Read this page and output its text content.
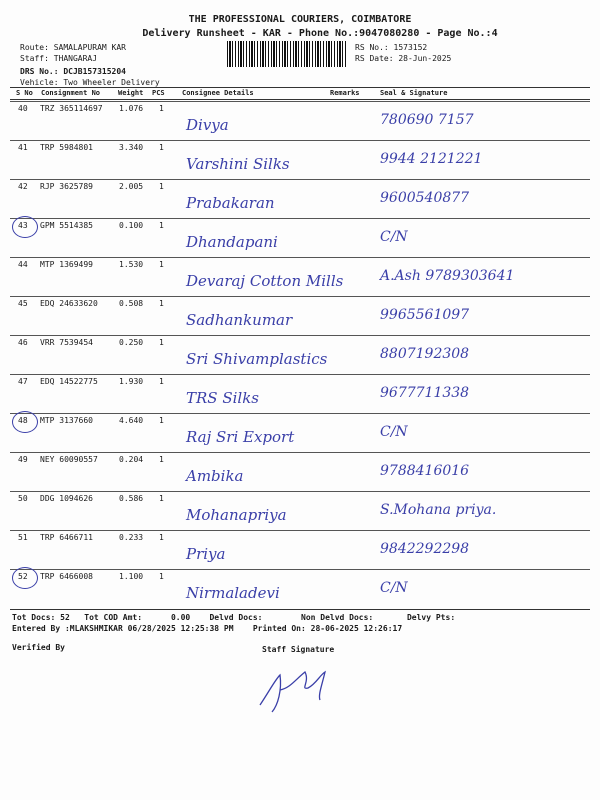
THE PROFESSIONAL COURIERS, COIMBATORE
Delivery Runsheet - KAR - Phone No.:9047080280 - Page No.:4
Route: SAMALAPURAM KAR
Staff: THANGARAJ
DRS No.: DCJB157315204
Vehicle: Two Wheeler Delivery
RS No.: 1573152
RS Date: 28-Jun-2025
S No Consignment No	Weight PCS Consignee Details	Remarks	Seal & Signature
40 TRZ 365114697 1.076 1
Divya	780690 7157
41 TRP 5984801	3.340 1
Varshini Silks	9944 2121221
42 RJP 3625789	2.005 1
Prabakaran	9600540877
43 GPM 5514385	0.100 1
Dhandapani	C/N
44 MTP 1369499	1.530 1
Devaraj Cotton Mills	A.Ash 9789303641
45 EDQ 24633620	0.508 1
Sadhankumar	9965561097
46 VRR 7539454	0.250 1
Sri Shivamplastics	8807192308
47 EDQ 14522775	1.930 1
TRS Silks	9677711338
48 MTP 3137660	4.640 1
Raj Sri Export	C/N
49 NEY 60090557	0.204 1
Ambika	9788416016
50 DDG 1094626	0.586 1
Mohanapriya	S.Mohana priya.
51 TRP 6466711	0.233 1
Priya	9842292298
52 TRP 6466008	1.100 1
Nirmaladevi	C/N
Tot Docs: 52 Tot COD Amt:	0.00 Delvd Docs:	Non Delvd Docs:	Delvy Pts:
Entered By :MLAKSHMIKAR 06/28/2025 12:25:38 PM Printed On: 28-06-2025 12:26:17
Verified By	Staff Signature
